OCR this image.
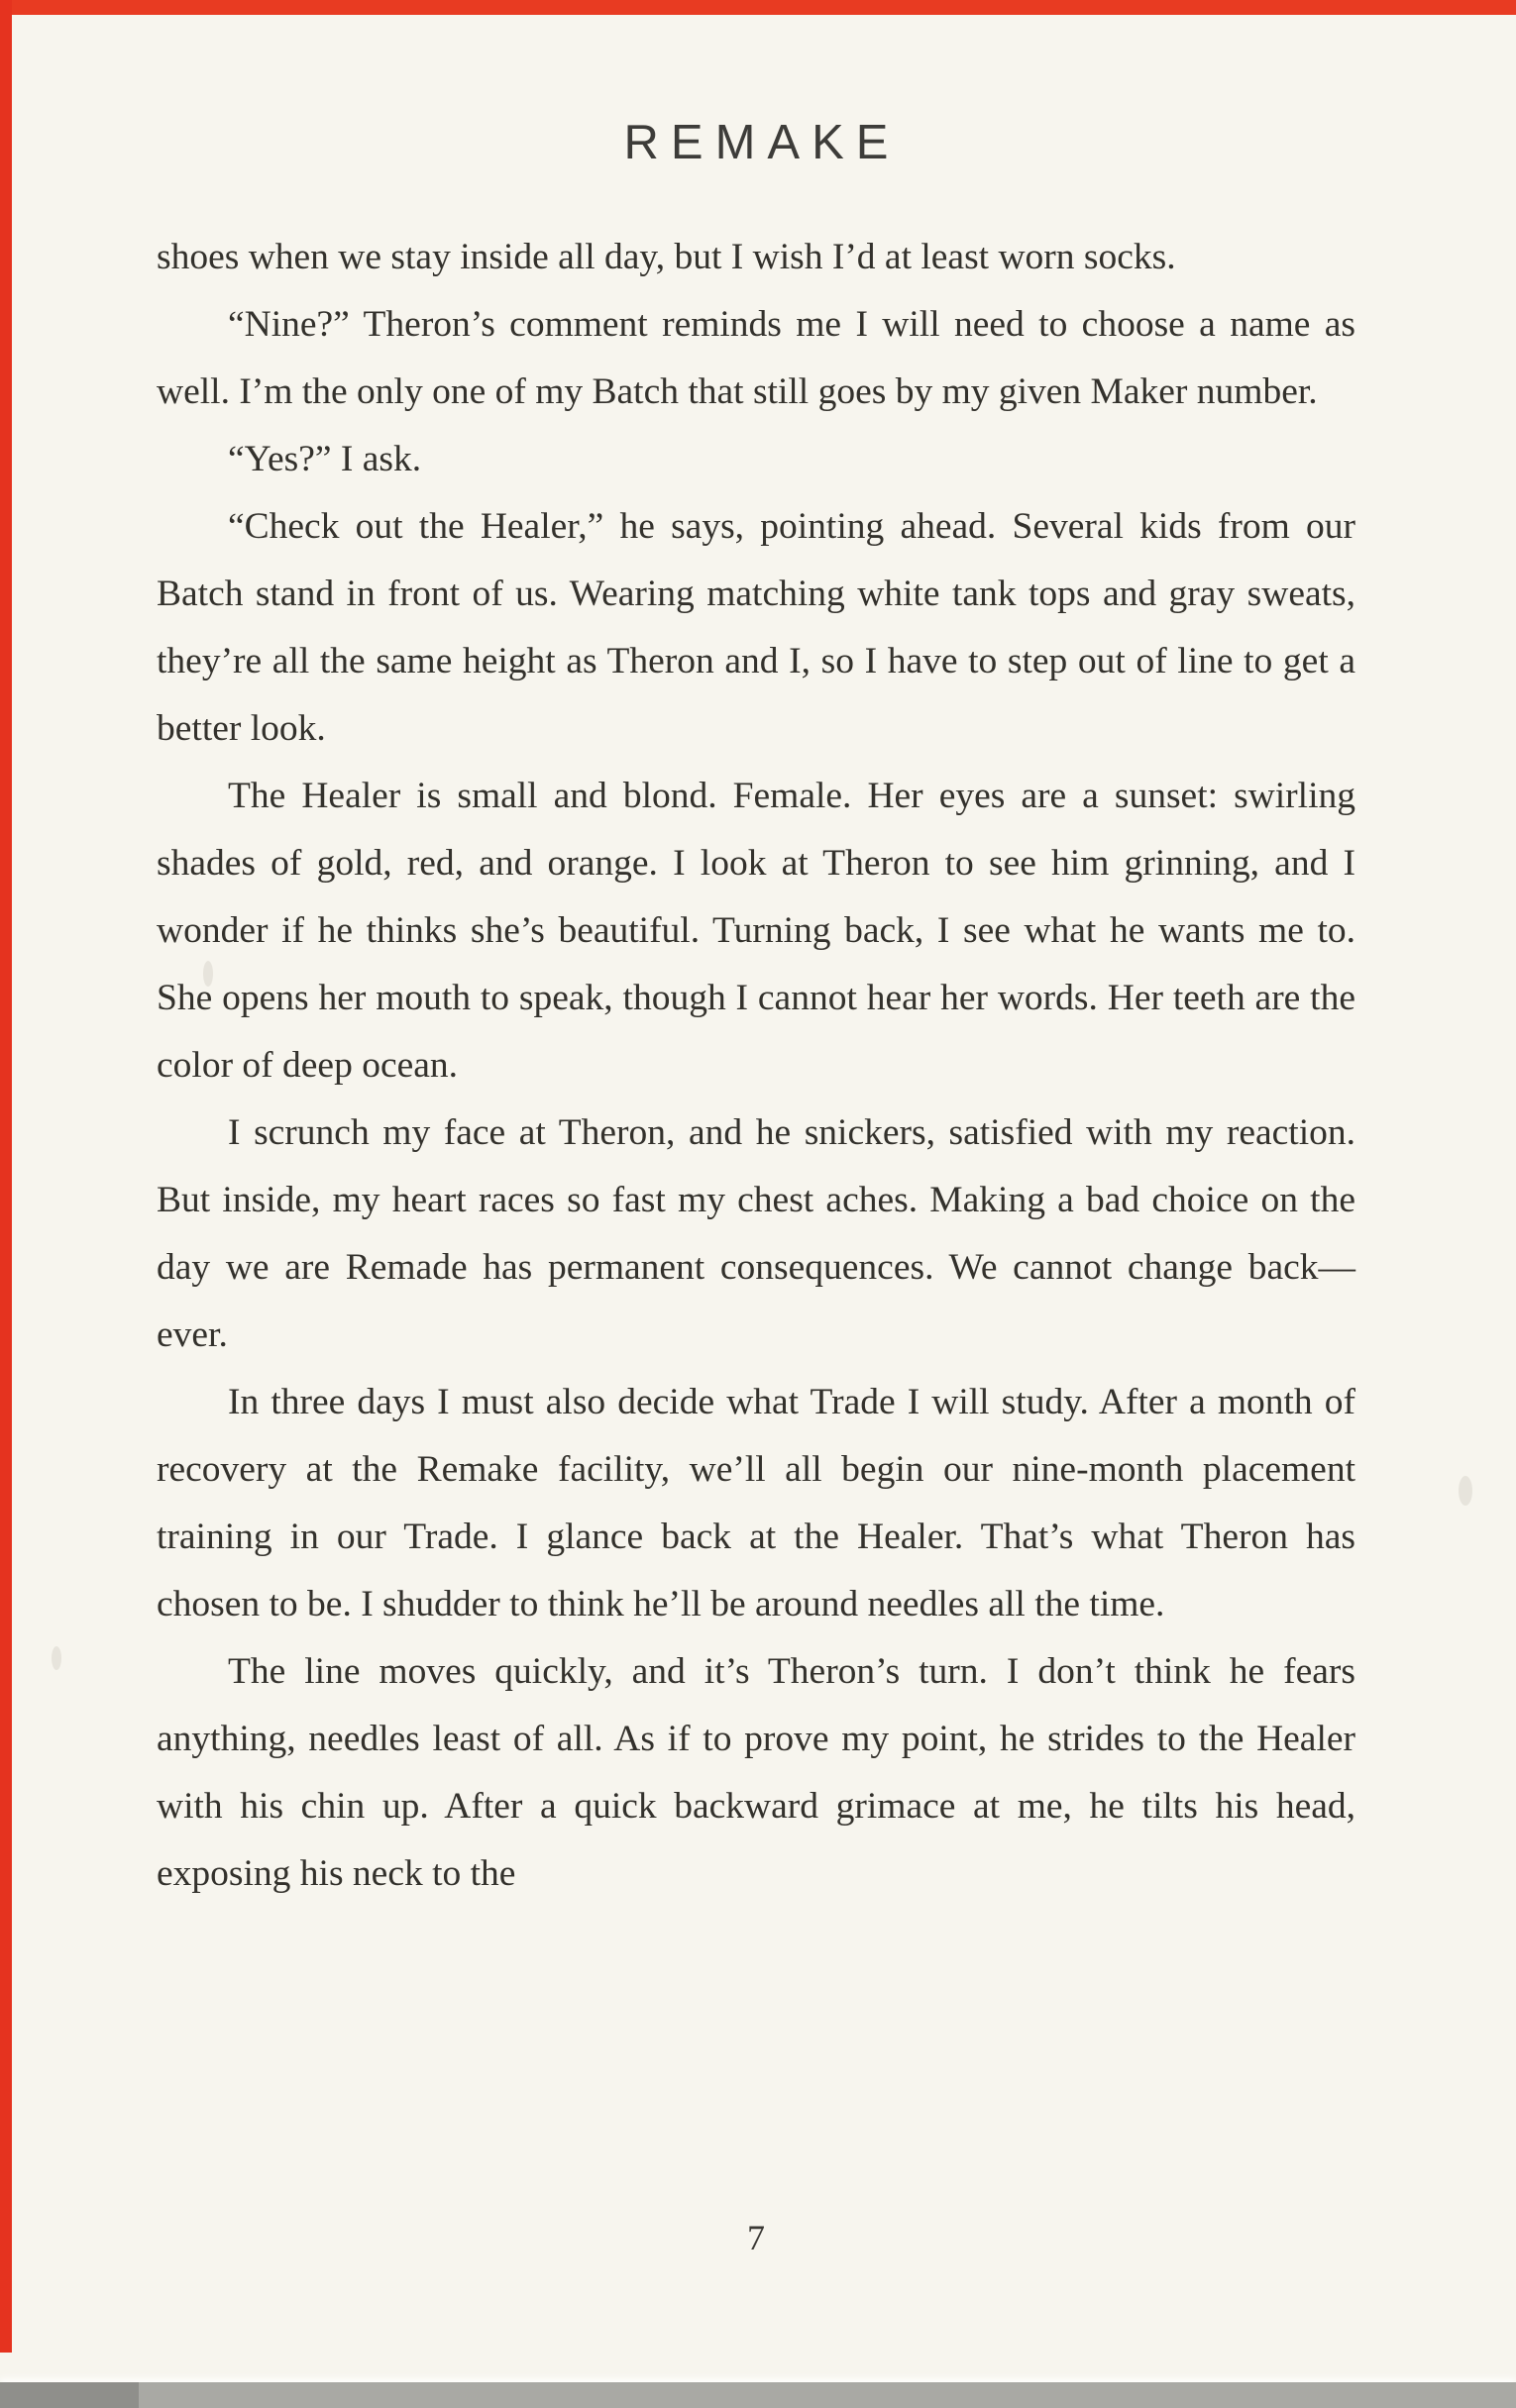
REMAKE

shoes when we stay inside all day, but I wish I’d at least worn socks.

“Nine?” Theron’s comment reminds me I will need to choose a name as well. I’m the only one of my Batch that still goes by my given Maker number.

“Yes?” I ask.

“Check out the Healer,” he says, pointing ahead. Several kids from our Batch stand in front of us. Wearing matching white tank tops and gray sweats, they’re all the same height as Theron and I, so I have to step out of line to get a better look.

The Healer is small and blond. Female. Her eyes are a sunset: swirling shades of gold, red, and orange. I look at Theron to see him grinning, and I wonder if he thinks she’s beautiful. Turning back, I see what he wants me to. She opens her mouth to speak, though I cannot hear her words. Her teeth are the color of deep ocean.

I scrunch my face at Theron, and he snickers, satisfied with my reaction. But inside, my heart races so fast my chest aches. Making a bad choice on the day we are Remade has permanent consequences. We cannot change back—ever.

In three days I must also decide what Trade I will study. After a month of recovery at the Remake facility, we’ll all begin our nine-month placement training in our Trade. I glance back at the Healer. That’s what Theron has chosen to be. I shudder to think he’ll be around needles all the time.

The line moves quickly, and it’s Theron’s turn. I don’t think he fears anything, needles least of all. As if to prove my point, he strides to the Healer with his chin up. After a quick backward grimace at me, he tilts his head, exposing his neck to the

7
